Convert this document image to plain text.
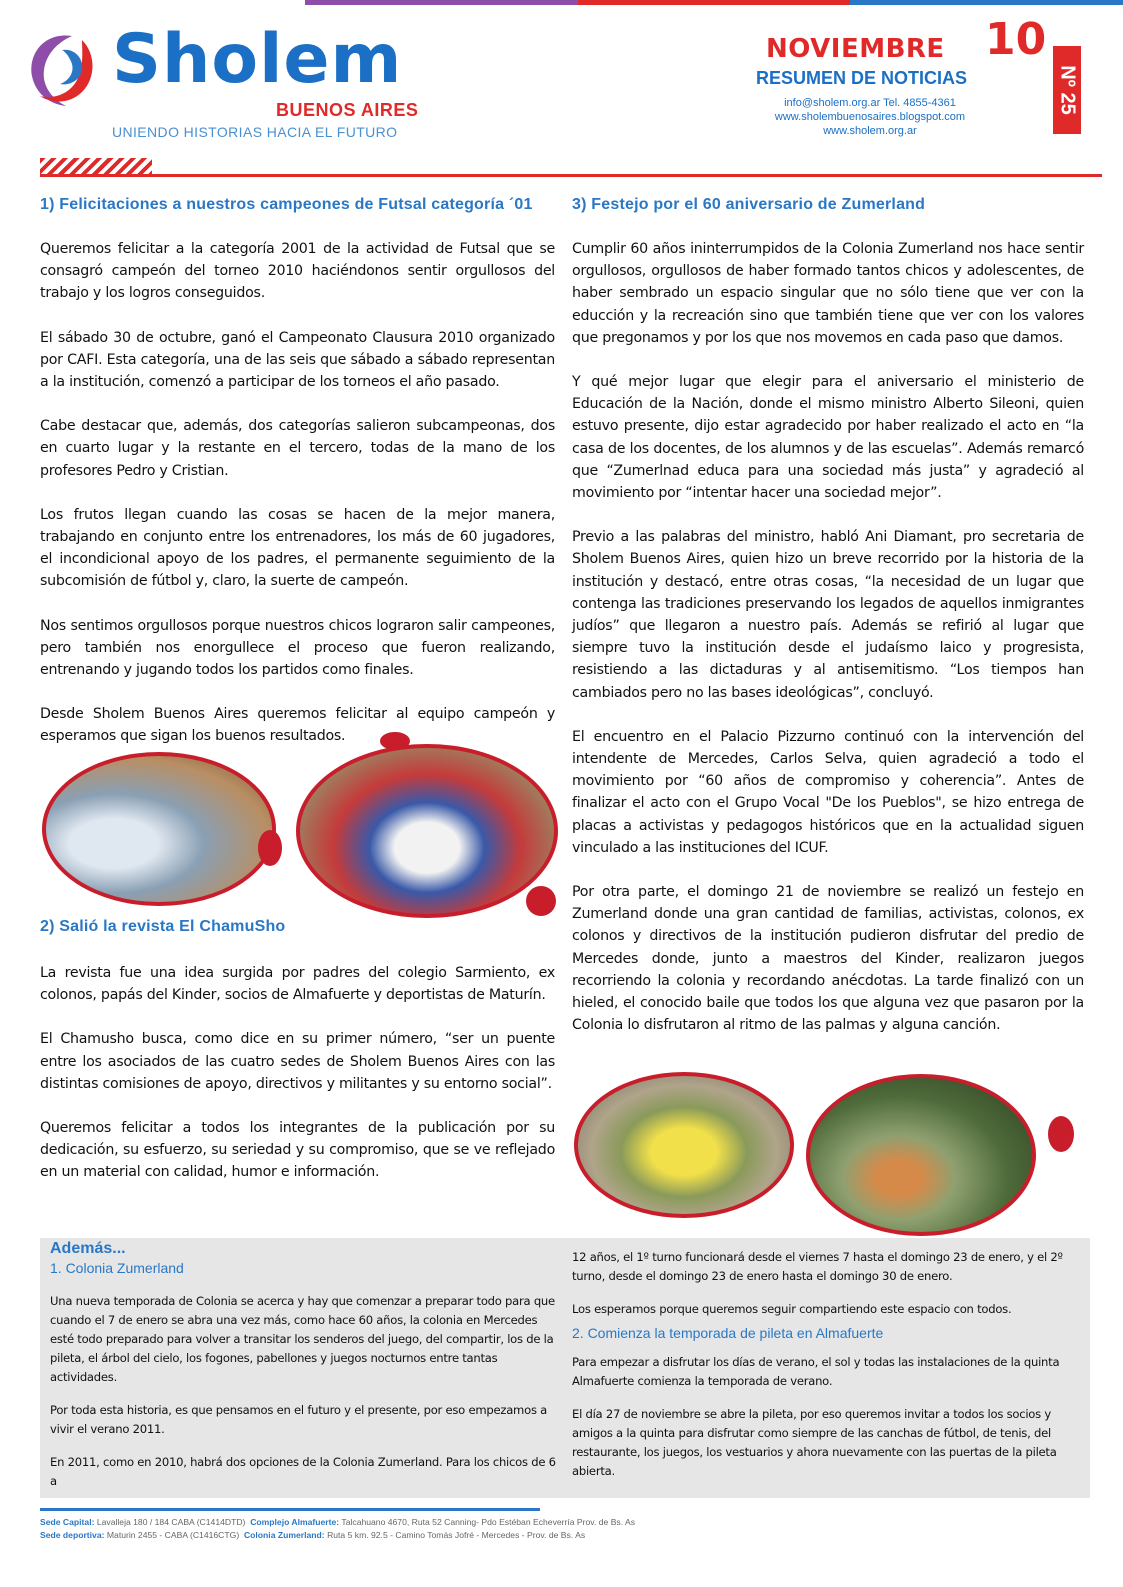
Sholem
BUENOS AIRES
UNIENDO HISTORIAS HACIA EL FUTURO
NOVIEMBRE 10
RESUMEN DE NOTICIAS
info@sholem.org.ar Tel. 4855-4361
www.sholembuenosaires.blogspot.com
www.sholem.org.ar
Nº 25
1) Felicitaciones a nuestros campeones de Futsal categoría ´01

Queremos felicitar a la categoría 2001 de la actividad de Futsal que se consagró campeón del torneo 2010 haciéndonos sentir orgullosos del trabajo y los logros conseguidos.

El sábado 30 de octubre, ganó el Campeonato Clausura 2010 organizado por CAFI. Esta categoría, una de las seis que sábado a sábado representan a la institución, comenzó a participar de los torneos el año pasado.

Cabe destacar que, además, dos categorías salieron subcampeonas, dos en cuarto lugar y la restante en el tercero, todas de la mano de los profesores Pedro y Cristian.

Los frutos llegan cuando las cosas se hacen de la mejor manera, trabajando en conjunto entre los entrenadores, los más de 60 jugadores, el incondicional apoyo de los padres, el permanente seguimiento de la subcomisión de fútbol y, claro, la suerte de campeón.

Nos sentimos orgullosos porque nuestros chicos lograron salir campeones, pero también nos enorgullece el proceso que fueron realizando, entrenando y jugando todos los partidos como finales.

Desde Sholem Buenos Aires queremos felicitar al equipo campeón y esperamos que sigan los buenos resultados.

2) Salió la revista El ChamuSho

La revista fue una idea surgida por padres del colegio Sarmiento, ex colonos, papás del Kinder, socios de Almafuerte y deportistas de Maturín.

El Chamusho busca, como dice en su primer número, “ser un puente entre los asociados de las cuatro sedes de Sholem Buenos Aires con las distintas comisiones de apoyo, directivos y militantes y su entorno social”.

Queremos felicitar a todos los integrantes de la publicación por su dedicación, su esfuerzo, su seriedad y su compromiso, que se ve reflejado en un material con calidad, humor e información.

3) Festejo por el 60 aniversario de Zumerland

Cumplir 60 años ininterrumpidos de la Colonia Zumerland nos hace sentir orgullosos, orgullosos de haber formado tantos chicos y adolescentes, de haber sembrado un espacio singular que no sólo tiene que ver con la educción y la recreación sino que también tiene que ver con los valores que pregonamos y por los que nos movemos en cada paso que damos.

Y qué mejor lugar que elegir para el aniversario el ministerio de Educación de la Nación, donde el mismo ministro Alberto Sileoni, quien estuvo presente, dijo estar agradecido por haber realizado el acto en “la casa de los docentes, de los alumnos y de las escuelas”. Además remarcó que “Zumerlnad educa para una sociedad más justa” y agradeció al movimiento por “intentar hacer una sociedad mejor”.

Previo a las palabras del ministro, habló Ani Diamant, pro secretaria de Sholem Buenos Aires, quien hizo un breve recorrido por la historia de la institución y destacó, entre otras cosas, “la necesidad de un lugar que contenga las tradiciones preservando los legados de aquellos inmigrantes judíos” que llegaron a nuestro país. Además se refirió al lugar que siempre tuvo la institución desde el judaísmo laico y progresista, resistiendo a las dictaduras y al antisemitismo. “Los tiempos han cambiados pero no las bases ideológicas”, concluyó.

El encuentro en el Palacio Pizzurno continuó con la intervención del intendente de Mercedes, Carlos Selva, quien agradeció a todo el movimiento por “60 años de compromiso y coherencia”. Antes de finalizar el acto con el Grupo Vocal "De los Pueblos", se hizo entrega de placas a activistas y pedagogos históricos que en la actualidad siguen vinculado a las instituciones del ICUF.

Por otra parte, el domingo 21 de noviembre se realizó un festejo en Zumerland donde una gran cantidad de familias, activistas, colonos, ex colonos y directivos de la institución pudieron disfrutar del predio de Mercedes donde, junto a maestros del Kinder, realizaron juegos recorriendo la colonia y recordando anécdotas. La tarde finalizó con un hieled, el conocido baile que todos los que alguna vez que pasaron por la Colonia lo disfrutaron al ritmo de las palmas y alguna canción.

Además...
1. Colonia Zumerland

Una nueva temporada de Colonia se acerca y hay que comenzar a preparar todo para que cuando el 7 de enero se abra una vez más, como hace 60 años, la colonia en Mercedes esté todo preparado para volver a transitar los senderos del juego, del compartir, los de la pileta, el árbol del cielo, los fogones, pabellones y juegos nocturnos entre tantas actividades.

Por toda esta historia, es que pensamos en el futuro y el presente, por eso empezamos a vivir el verano 2011.

En 2011, como en 2010, habrá dos opciones de la Colonia Zumerland. Para los chicos de 6 a

12 años, el 1º turno funcionará desde el viernes 7 hasta el domingo 23 de enero, y el 2º turno, desde el domingo 23 de enero hasta el domingo 30 de enero.

Los esperamos porque queremos seguir compartiendo este espacio con todos.

2. Comienza la temporada de pileta en Almafuerte

Para empezar a disfrutar los días de verano, el sol y todas las instalaciones de la quinta Almafuerte comienza la temporada de verano.

El día 27 de noviembre se abre la pileta, por eso queremos invitar a todos los socios y amigos a la quinta para disfrutar como siempre de las canchas de fútbol, de tenis, del restaurante, los juegos, los vestuarios y ahora nuevamente con las puertas de la pileta abierta.

Sede Capital: Lavalleja 180 / 184 CABA (C1414DTD) Complejo Almafuerte: Talcahuano 4670, Ruta 52 Canning- Pdo Estéban Echeverría Prov. de Bs. As
Sede deportiva: Maturin 2455 - CABA (C1416CTG) Colonia Zumerland: Ruta 5 km. 92.5 - Camino Tomás Jofré - Mercedes - Prov. de Bs. As
